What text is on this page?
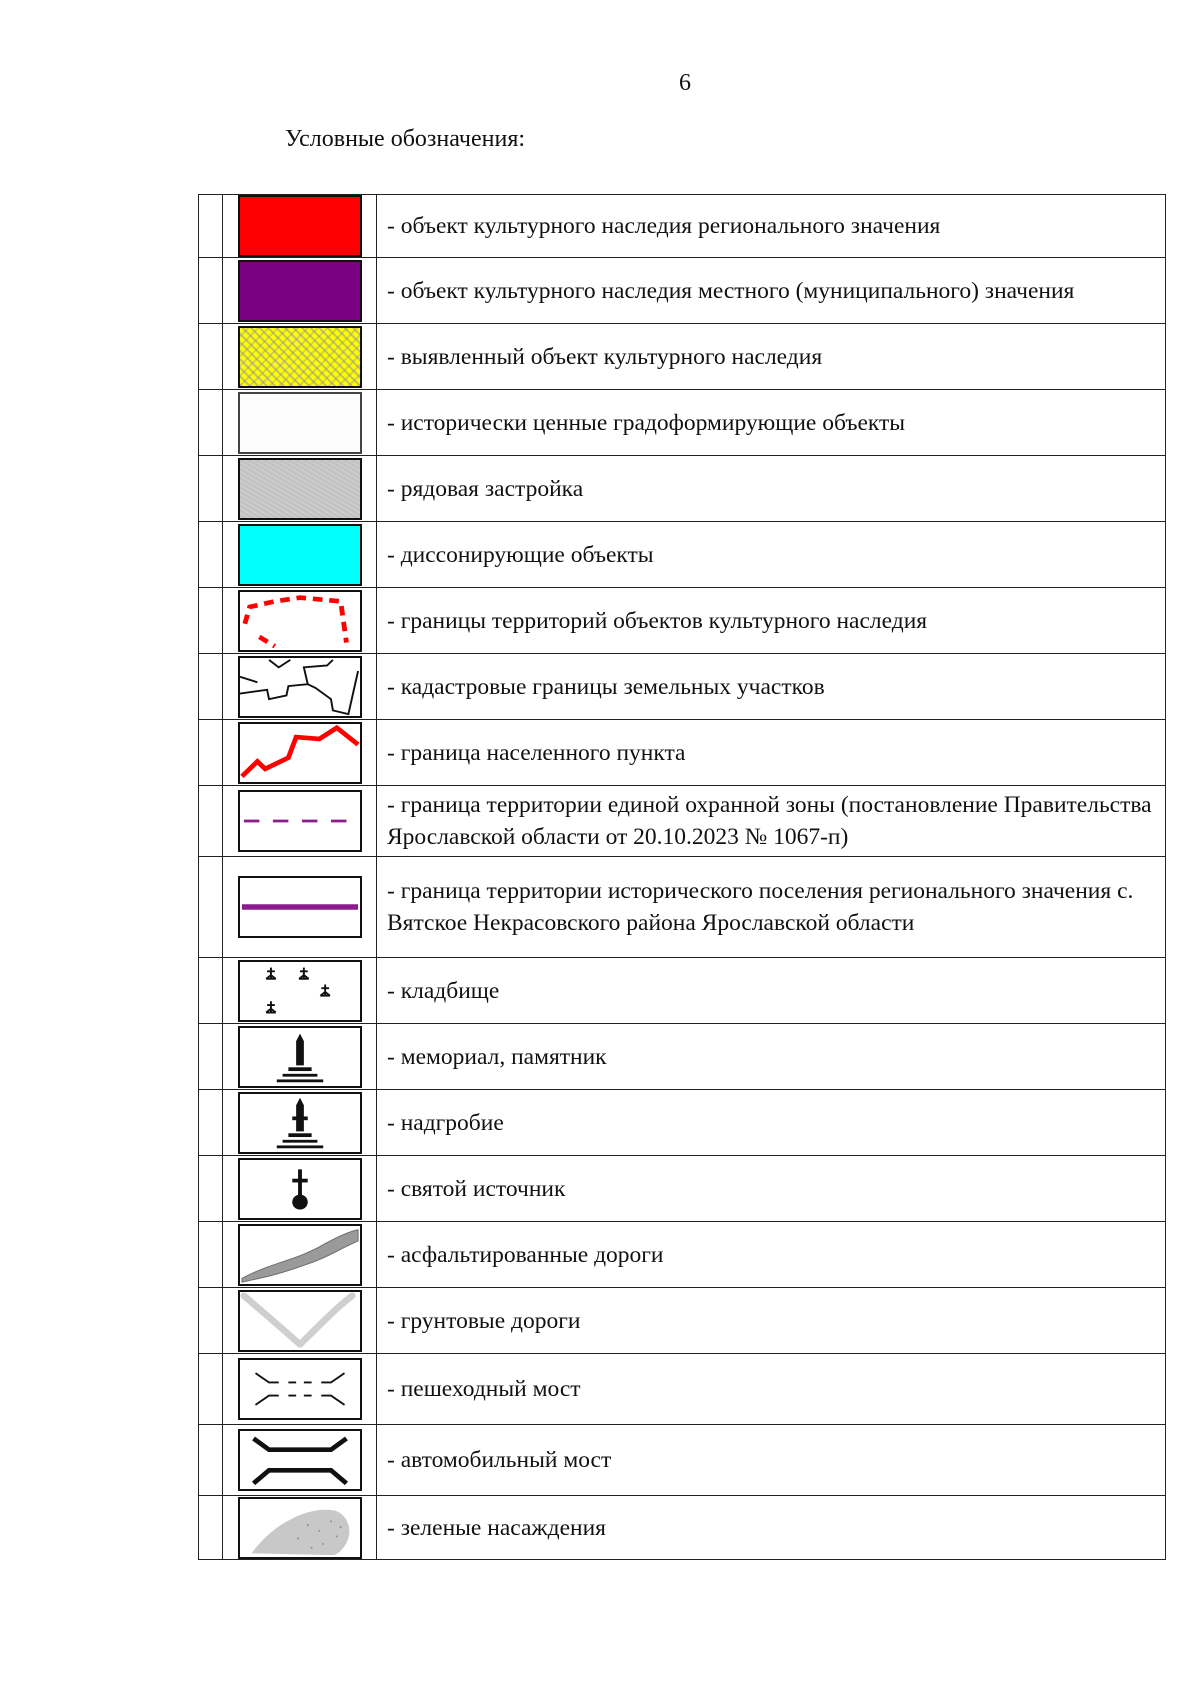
6
Условные обозначения:

	- объект культурного наследия регионального значения

	- объект культурного наследия местного (муниципального) значения

	- выявленный объект культурного наследия

	- исторически ценные градоформирующие объекты

	- рядовая застройка

	- диссонирующие объекты

	- границы территорий объектов культурного наследия

	- кадастровые границы земельных участков

	- граница населенного пункта

	- граница территории единой охранной зоны (постановление Правительства Ярославской области от 20.10.2023 № 1067-п)

	- граница территории исторического поселения регионального значения с. Вятское Некрасовского района Ярославской области

	- кладбище

	- мемориал, памятник

	- надгробие

	- святой источник

	- асфальтированные дороги

	- грунтовые дороги

	- пешеходный мост

	- автомобильный мост

	- зеленые насаждения
